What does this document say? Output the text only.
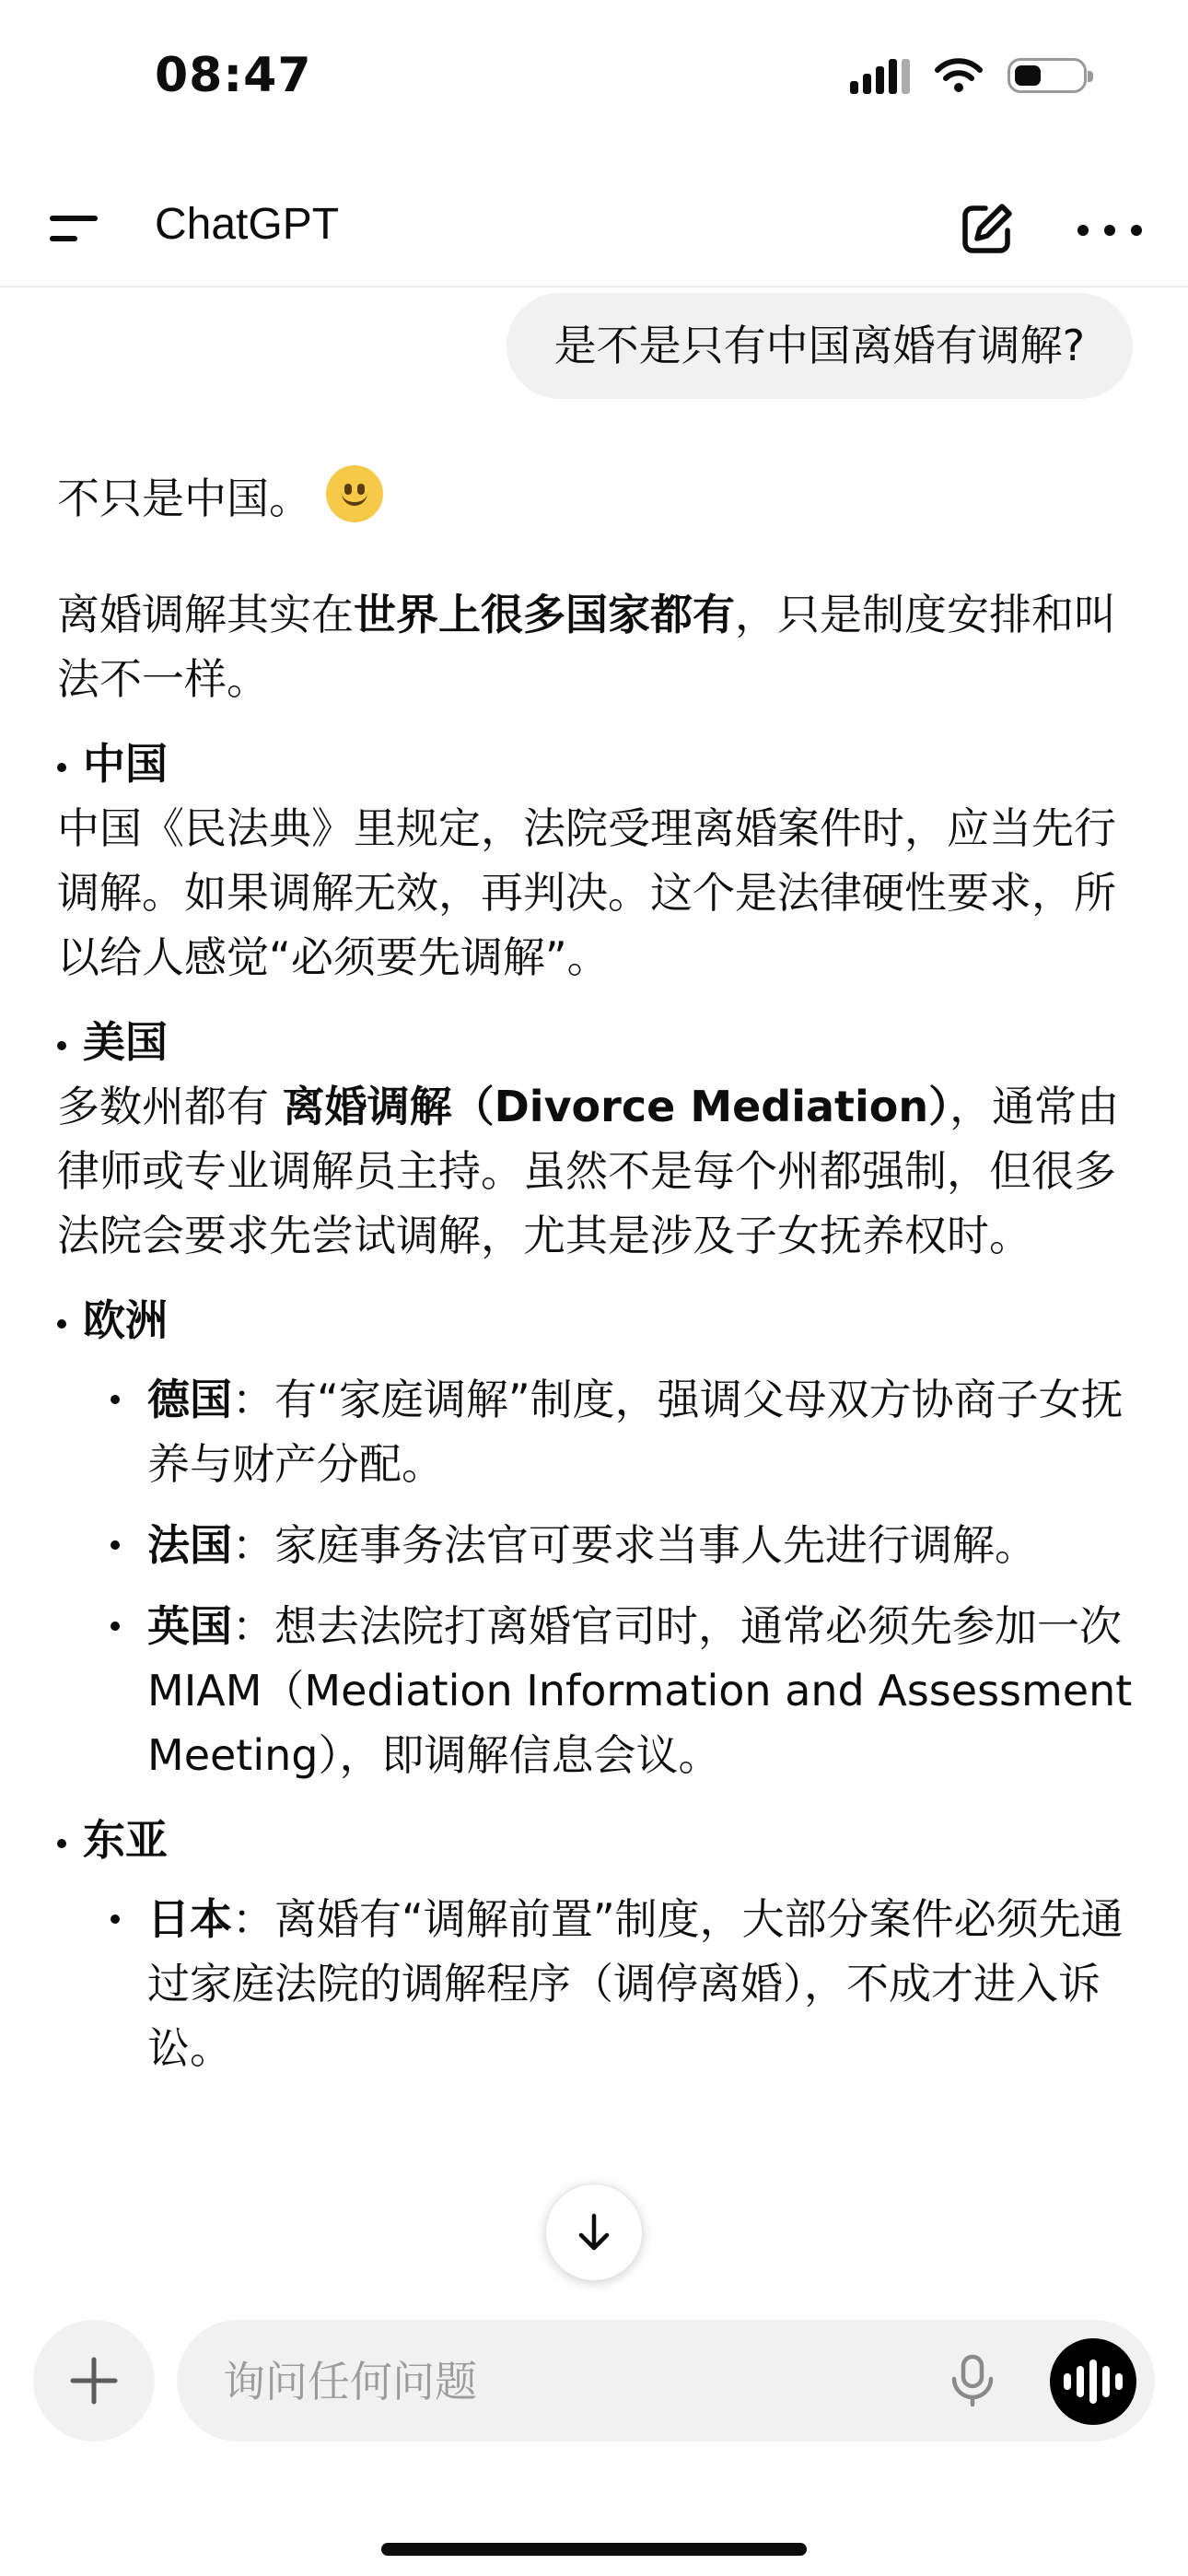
08:47
ChatGPT
是不是只有中国离婚有调解?

不只是中国。

离婚调解其实在世界上很多国家都有，只是制度安排和叫法不一样。

中国

中国《民法典》里规定，法院受理离婚案件时，应当先行调解。如果调解无效，再判决。这个是法律硬性要求，所以给人感觉“必须要先调解”。

美国

多数州都有 离婚调解（Divorce Mediation），通常由律师或专业调解员主持。虽然不是每个州都强制，但很多法院会要求先尝试调解，尤其是涉及子女抚养权时。

欧洲
德国：有“家庭调解”制度，强调父母双方协商子女抚养与财产分配。
法国：家庭事务法官可要求当事人先进行调解。
英国：想去法院打离婚官司时，通常必须先参加一次 MIAM（Mediation Information and Assessment Meeting），即调解信息会议。
东亚
日本：离婚有“调解前置”制度，大部分案件必须先通过家庭法院的调解程序（调停离婚），不成才进入诉讼。
询问任何问题
